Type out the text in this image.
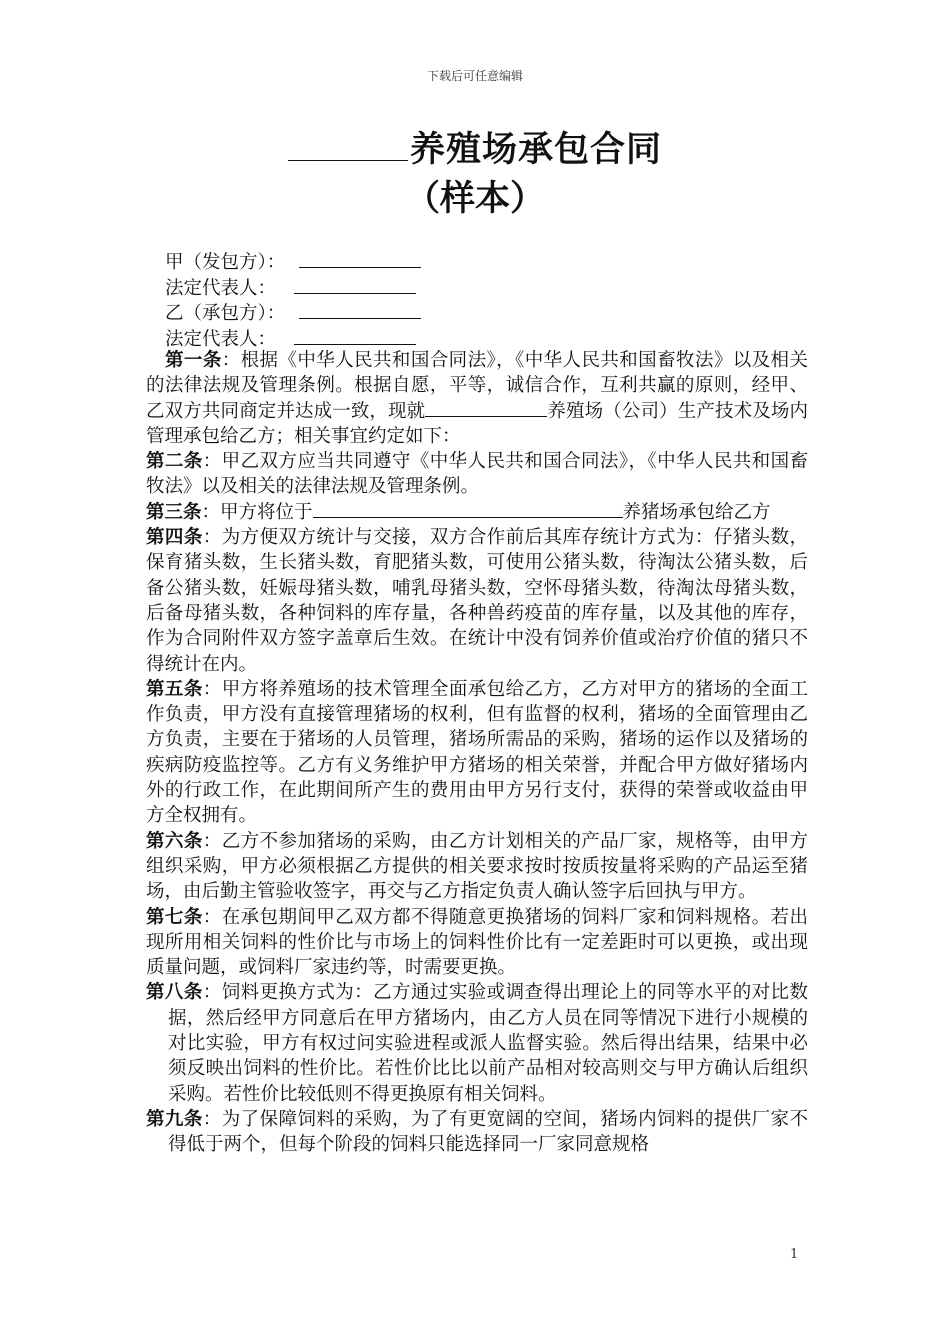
下载后可任意编辑
养殖场承包合同
（样本）
甲（发包方）：
法定代表人：
乙（承包方）：
法定代表人：

第一条：根据《中华人民共和国合同法》，《中华人民共和国畜牧法》以及相关的法律法规及管理条例。根据自愿，平等，诚信合作，互利共赢的原则，经甲、乙双方共同商定并达成一致，现就	养殖场（公司）生产技术及场内管理承包给乙方；相关事宜约定如下：

第二条：甲乙双方应当共同遵守《中华人民共和国合同法》，《中华人民共和国畜牧法》以及相关的法律法规及管理条例。

第三条：甲方将位于	养猪场承包给乙方

第四条：为方便双方统计与交接，双方合作前后其库存统计方式为：仔猪头数，保育猪头数，生长猪头数，育肥猪头数，可使用公猪头数，待淘汰公猪头数，后备公猪头数，妊娠母猪头数，哺乳母猪头数，空怀母猪头数，待淘汰母猪头数，后备母猪头数，各种饲料的库存量，各种兽药疫苗的库存量，以及其他的库存，作为合同附件双方签字盖章后生效。在统计中没有饲养价值或治疗价值的猪只不得统计在内。

第五条：甲方将养殖场的技术管理全面承包给乙方，乙方对甲方的猪场的全面工作负责，甲方没有直接管理猪场的权利，但有监督的权利，猪场的全面管理由乙方负责，主要在于猪场的人员管理，猪场所需品的采购，猪场的运作以及猪场的疾病防疫监控等。乙方有义务维护甲方猪场的相关荣誉，并配合甲方做好猪场内外的行政工作，在此期间所产生的费用由甲方另行支付，获得的荣誉或收益由甲方全权拥有。

第六条：乙方不参加猪场的采购，由乙方计划相关的产品厂家，规格等，由甲方组织采购，甲方必须根据乙方提供的相关要求按时按质按量将采购的产品运至猪场，由后勤主管验收签字，再交与乙方指定负责人确认签字后回执与甲方。

第七条：在承包期间甲乙双方都不得随意更换猪场的饲料厂家和饲料规格。若出现所用相关饲料的性价比与市场上的饲料性价比有一定差距时可以更换，或出现质量问题，或饲料厂家违约等，时需要更换。

第八条：饲料更换方式为：乙方通过实验或调查得出理论上的同等水平的对比数据，然后经甲方同意后在甲方猪场内，由乙方人员在同等情况下进行小规模的对比实验，甲方有权过问实验进程或派人监督实验。然后得出结果，结果中必须反映出饲料的性价比。若性价比比以前产品相对较高则交与甲方确认后组织采购。若性价比较低则不得更换原有相关饲料。

第九条：为了保障饲料的采购，为了有更宽阔的空间，猪场内饲料的提供厂家不得低于两个，但每个阶段的饲料只能选择同一厂家同意规格

1
